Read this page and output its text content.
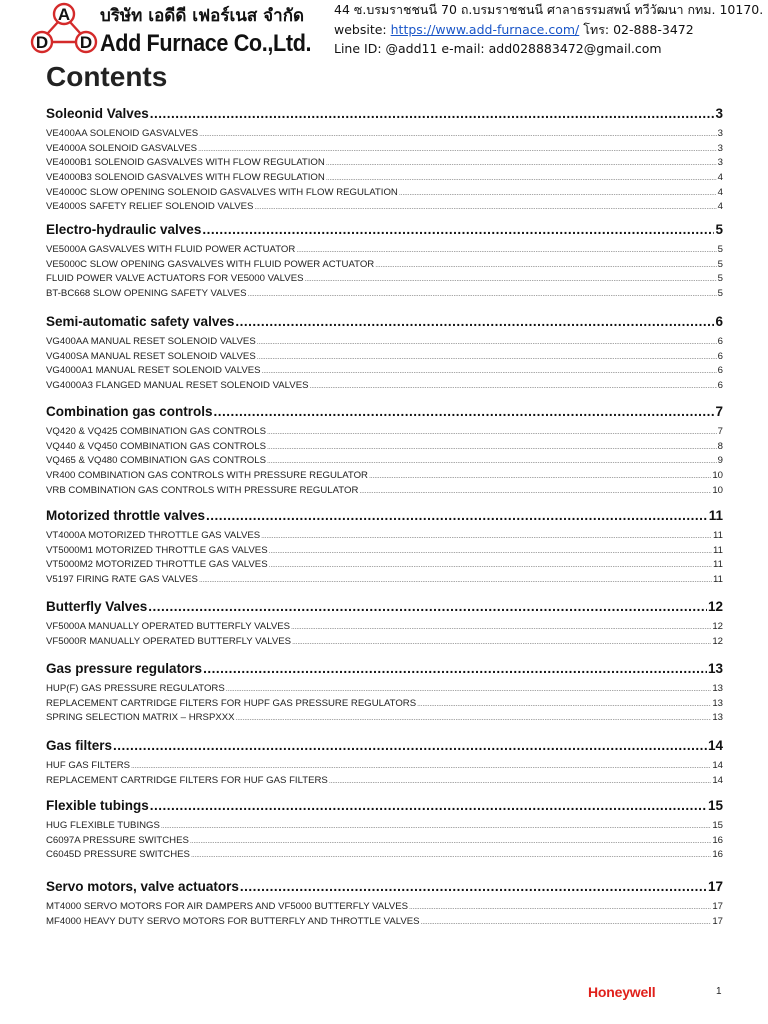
A
D D
บริษัท เอดีดี เฟอร์เนส จำกัด
Add Furnace Co.,Ltd.
44 ซ.บรมราชชนนี 70 ถ.บรมราชชนนี ศาลาธรรมสพน์ ทวีวัฒนา กทม. 10170.
website: https://www.add-furnace.com/ โทร: 02-888-3472
Line ID: @add11 e-mail: add028883472@gmail.com
Contents
Soleonid Valves .....	3
VE400AA SOLENOID GASVALVES .....	3
VE4000A SOLENOID GASVALVES .....	3
VE4000B1 SOLENOID GASVALVES WITH FLOW REGULATION .....	3
VE4000B3 SOLENOID GASVALVES WITH FLOW REGULATION .....	4
VE4000C SLOW OPENING SOLENOID GASVALVES WITH FLOW REGULATION .....	4
VE4000S SAFETY RELIEF SOLENOID VALVES .....	4
Electro-hydraulic valves .....	5
VE5000A GASVALVES WITH FLUID POWER ACTUATOR .....	5
VE5000C SLOW OPENING GASVALVES WITH FLUID POWER ACTUATOR .....	5
FLUID POWER VALVE ACTUATORS FOR VE5000 VALVES .....	5
BT-BC668 SLOW OPENING SAFETY VALVES .....	5
Semi-automatic safety valves .....	6
VG400AA MANUAL RESET SOLENOID VALVES .....	6
VG400SA MANUAL RESET SOLENOID VALVES .....	6
VG4000A1 MANUAL RESET SOLENOID VALVES .....	6
VG4000A3 FLANGED MANUAL RESET SOLENOID VALVES .....	6
Combination gas controls .....	7
VQ420 & VQ425 COMBINATION GAS CONTROLS .....	7
VQ440 & VQ450 COMBINATION GAS CONTROLS .....	8
VQ465 & VQ480 COMBINATION GAS CONTROLS .....	9
VR400 COMBINATION GAS CONTROLS WITH PRESSURE REGULATOR .....	10
VRB COMBINATION GAS CONTROLS WITH PRESSURE REGULATOR .....	10
Motorized throttle valves .....	11
VT4000A MOTORIZED THROTTLE GAS VALVES .....	11
VT5000M1 MOTORIZED THROTTLE GAS VALVES .....	11
VT5000M2 MOTORIZED THROTTLE GAS VALVES .....	11
V5197 FIRING RATE GAS VALVES .....	11
Butterfly Valves .....	12
VF5000A MANUALLY OPERATED BUTTERFLY VALVES .....	12
VF5000R MANUALLY OPERATED BUTTERFLY VALVES .....	12
Gas pressure regulators .....	13
HUP(F) GAS PRESSURE REGULATORS .....	13
REPLACEMENT CARTRIDGE FILTERS FOR HUPF GAS PRESSURE REGULATORS .....	13
SPRING SELECTION MATRIX – HRSPXXX .....	13
Gas filters .....	14
HUF GAS FILTERS .....	14
REPLACEMENT CARTRIDGE FILTERS FOR HUF GAS FILTERS .....	14
Flexible tubings .....	15
HUG FLEXIBLE TUBINGS .....	15
C6097A PRESSURE SWITCHES .....	16
C6045D PRESSURE SWITCHES .....	16
Servo motors, valve actuators .....	17
MT4000 SERVO MOTORS FOR AIR DAMPERS AND VF5000 BUTTERFLY VALVES .....	17
MF4000 HEAVY DUTY SERVO MOTORS FOR BUTTERFLY AND THROTTLE VALVES .....	17
Honeywell	1
